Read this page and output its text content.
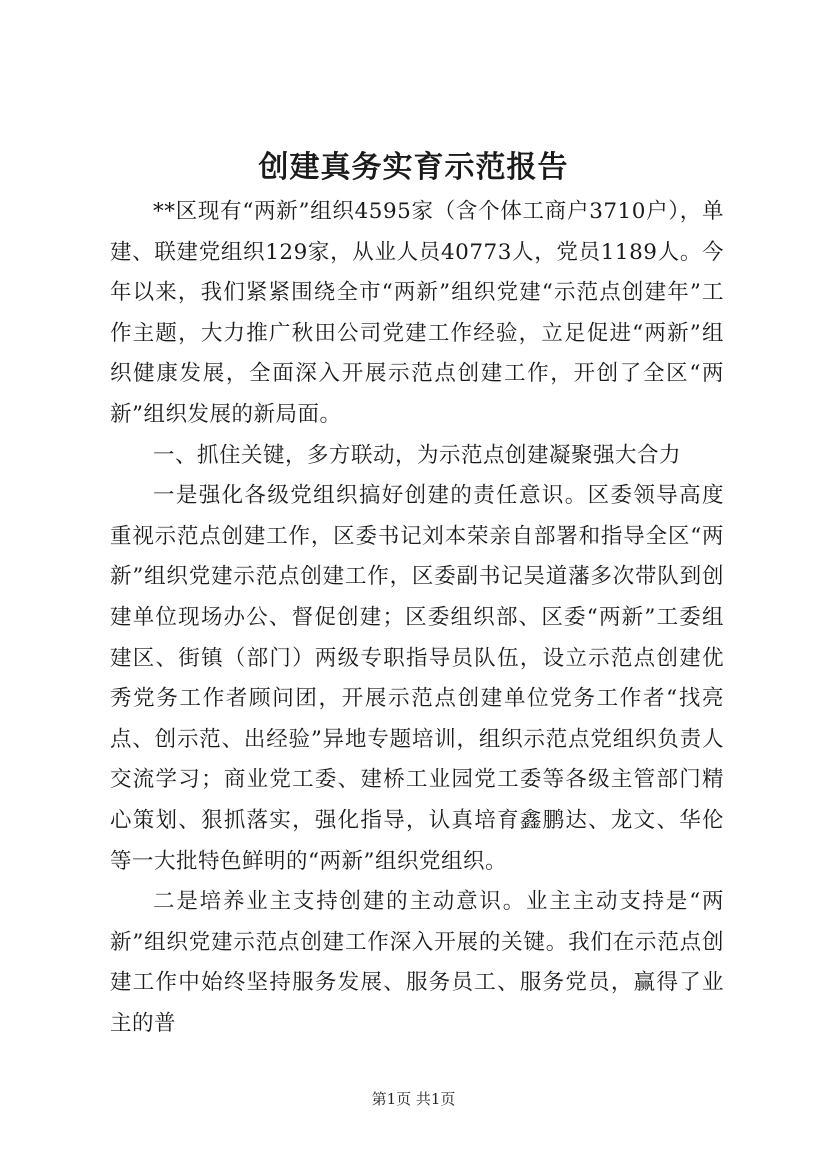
创建真务实育示范报告

**区现有“两新”组织4595家（含个体工商户3710户），单建、联建党组织129家，从业人员40773人，党员1189人。今年以来，我们紧紧围绕全市“两新”组织党建“示范点创建年”工作主题，大力推广秋田公司党建工作经验，立足促进“两新”组织健康发展，全面深入开展示范点创建工作，开创了全区“两新”组织发展的新局面。

一、抓住关键，多方联动，为示范点创建凝聚强大合力

一是强化各级党组织搞好创建的责任意识。区委领导高度重视示范点创建工作，区委书记刘本荣亲自部署和指导全区“两新”组织党建示范点创建工作，区委副书记吴道藩多次带队到创建单位现场办公、督促创建；区委组织部、区委“两新”工委组建区、街镇（部门）两级专职指导员队伍，设立示范点创建优秀党务工作者顾问团，开展示范点创建单位党务工作者“找亮点、创示范、出经验”异地专题培训，组织示范点党组织负责人交流学习；商业党工委、建桥工业园党工委等各级主管部门精心策划、狠抓落实，强化指导，认真培育鑫鹏达、龙文、华伦等一大批特色鲜明的“两新”组织党组织。

二是培养业主支持创建的主动意识。业主主动支持是“两新”组织党建示范点创建工作深入开展的关键。我们在示范点创建工作中始终坚持服务发展、服务员工、服务党员，赢得了业主的普

第1页 共1页
